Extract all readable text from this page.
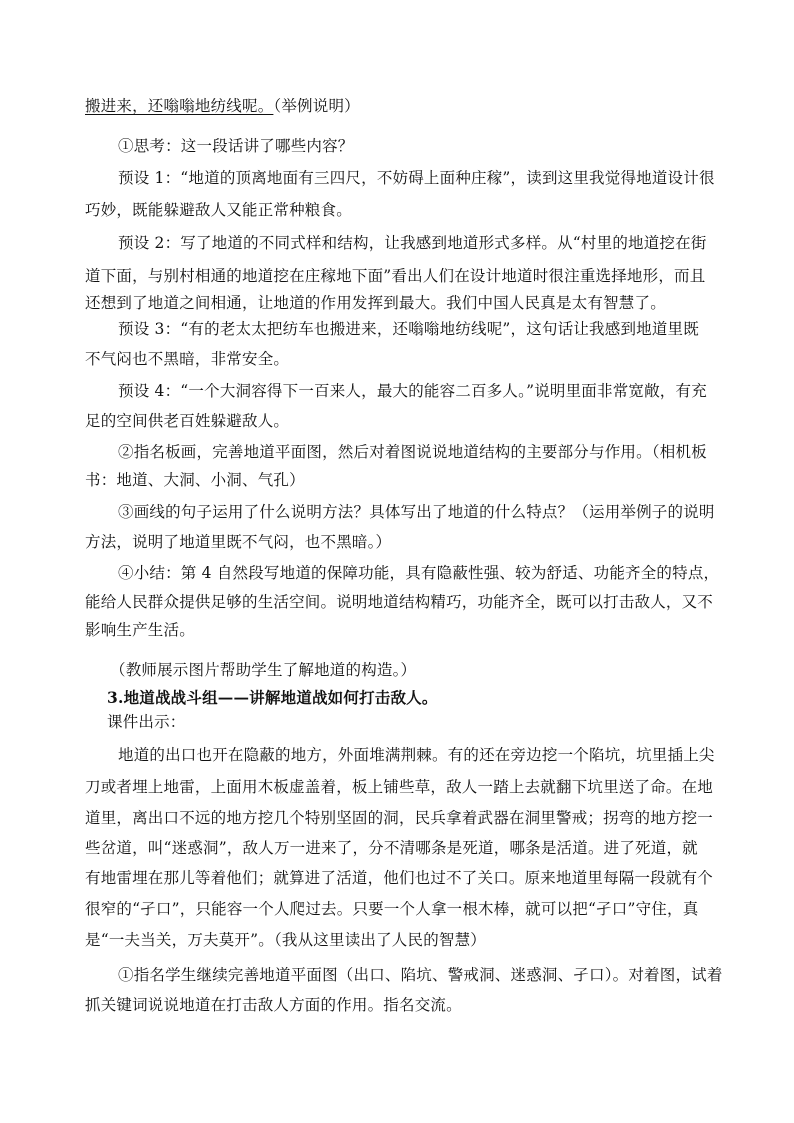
搬进来，还嗡嗡地纺线呢。（举例说明）
①思考：这一段话讲了哪些内容？
预设 1：“地道的顶离地面有三四尺，不妨碍上面种庄稼”，读到这里我觉得地道设计很
巧妙，既能躲避敌人又能正常种粮食。
预设 2：写了地道的不同式样和结构，让我感到地道形式多样。从“村里的地道挖在街
道下面，与别村相通的地道挖在庄稼地下面”看出人们在设计地道时很注重选择地形，而且
还想到了地道之间相通，让地道的作用发挥到最大。我们中国人民真是太有智慧了。
预设 3：“有的老太太把纺车也搬进来，还嗡嗡地纺线呢”，这句话让我感到地道里既
不气闷也不黑暗，非常安全。
预设 4：“一个大洞容得下一百来人，最大的能容二百多人。”说明里面非常宽敞，有充
足的空间供老百姓躲避敌人。
②指名板画，完善地道平面图，然后对着图说说地道结构的主要部分与作用。（相机板
书：地道、大洞、小洞、气孔）
③画线的句子运用了什么说明方法？具体写出了地道的什么特点？（运用举例子的说明
方法，说明了地道里既不气闷，也不黑暗。）
④小结：第 4 自然段写地道的保障功能，具有隐蔽性强、较为舒适、功能齐全的特点，
能给人民群众提供足够的生活空间。说明地道结构精巧，功能齐全，既可以打击敌人，又不
影响生产生活。
（教师展示图片帮助学生了解地道的构造。）
3.地道战战斗组——讲解地道战如何打击敌人。
课件出示：
地道的出口也开在隐蔽的地方，外面堆满荆棘。有的还在旁边挖一个陷坑，坑里插上尖
刀或者埋上地雷，上面用木板虚盖着，板上铺些草，敌人一踏上去就翻下坑里送了命。在地
道里，离出口不远的地方挖几个特别坚固的洞，民兵拿着武器在洞里警戒；拐弯的地方挖一
些岔道，叫“迷惑洞”，敌人万一进来了，分不清哪条是死道，哪条是活道。进了死道，就
有地雷埋在那儿等着他们；就算进了活道，他们也过不了关口。原来地道里每隔一段就有个
很窄的“孑口”，只能容一个人爬过去。只要一个人拿一根木棒，就可以把“孑口”守住，真
是“一夫当关，万夫莫开”。（我从这里读出了人民的智慧）
①指名学生继续完善地道平面图（出口、陷坑、警戒洞、迷惑洞、孑口）。对着图，试着
抓关键词说说地道在打击敌人方面的作用。指名交流。
